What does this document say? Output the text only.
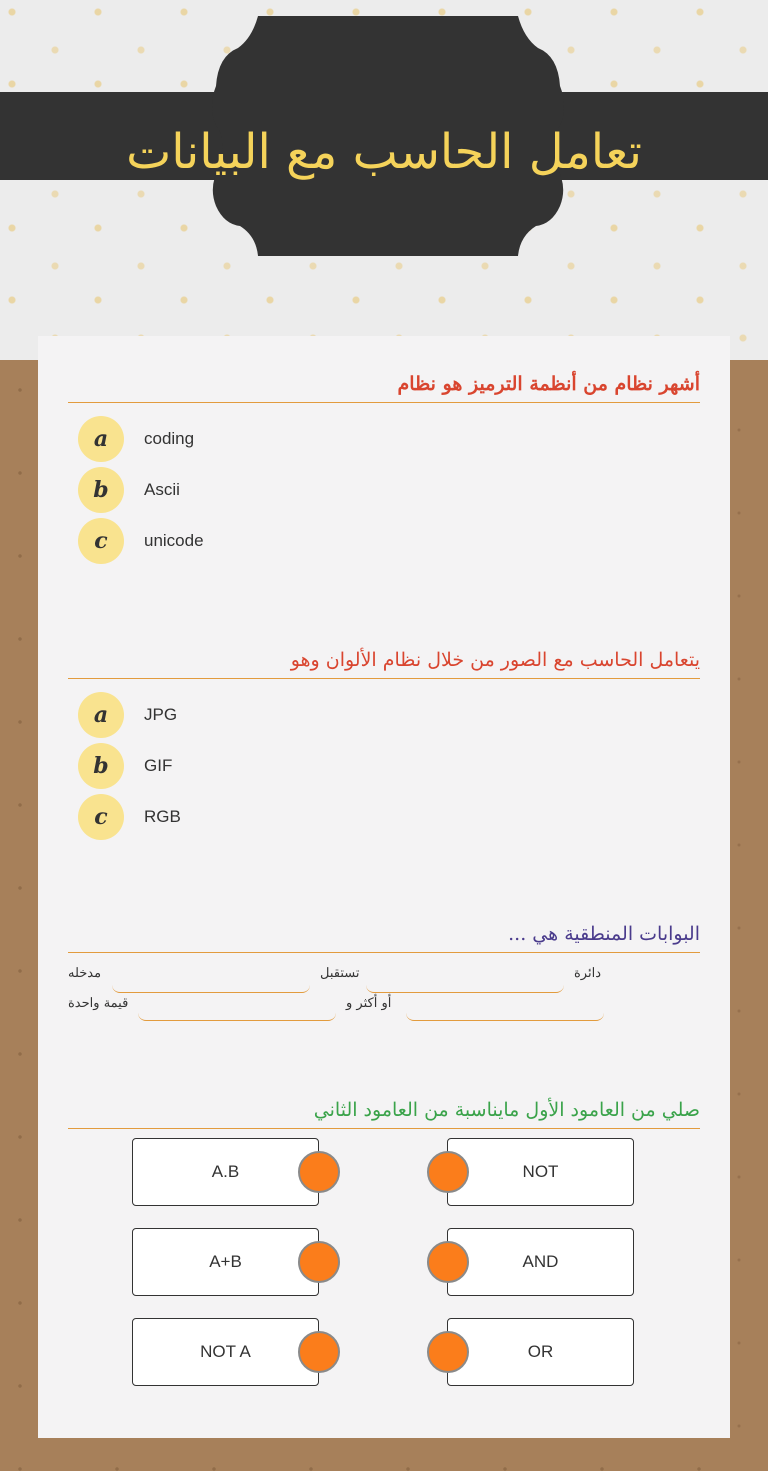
تعامل الحاسب مع البيانات
أشهر نظام من أنظمة الترميز هو نظام
a	coding
b	Ascii
c	unicode
يتعامل الحاسب مع الصور من خلال نظام الألوان وهو
a	JPG
b	GIF
c	RGB
البوابات المنطقية هي ...
دائرة
تستقبل
مدخله
أو أكثر و
قيمة واحدة
صلي من العامود الأول مايناسبة من العامود الثاني
A.B	NOT
A+B	AND
NOT A	OR
